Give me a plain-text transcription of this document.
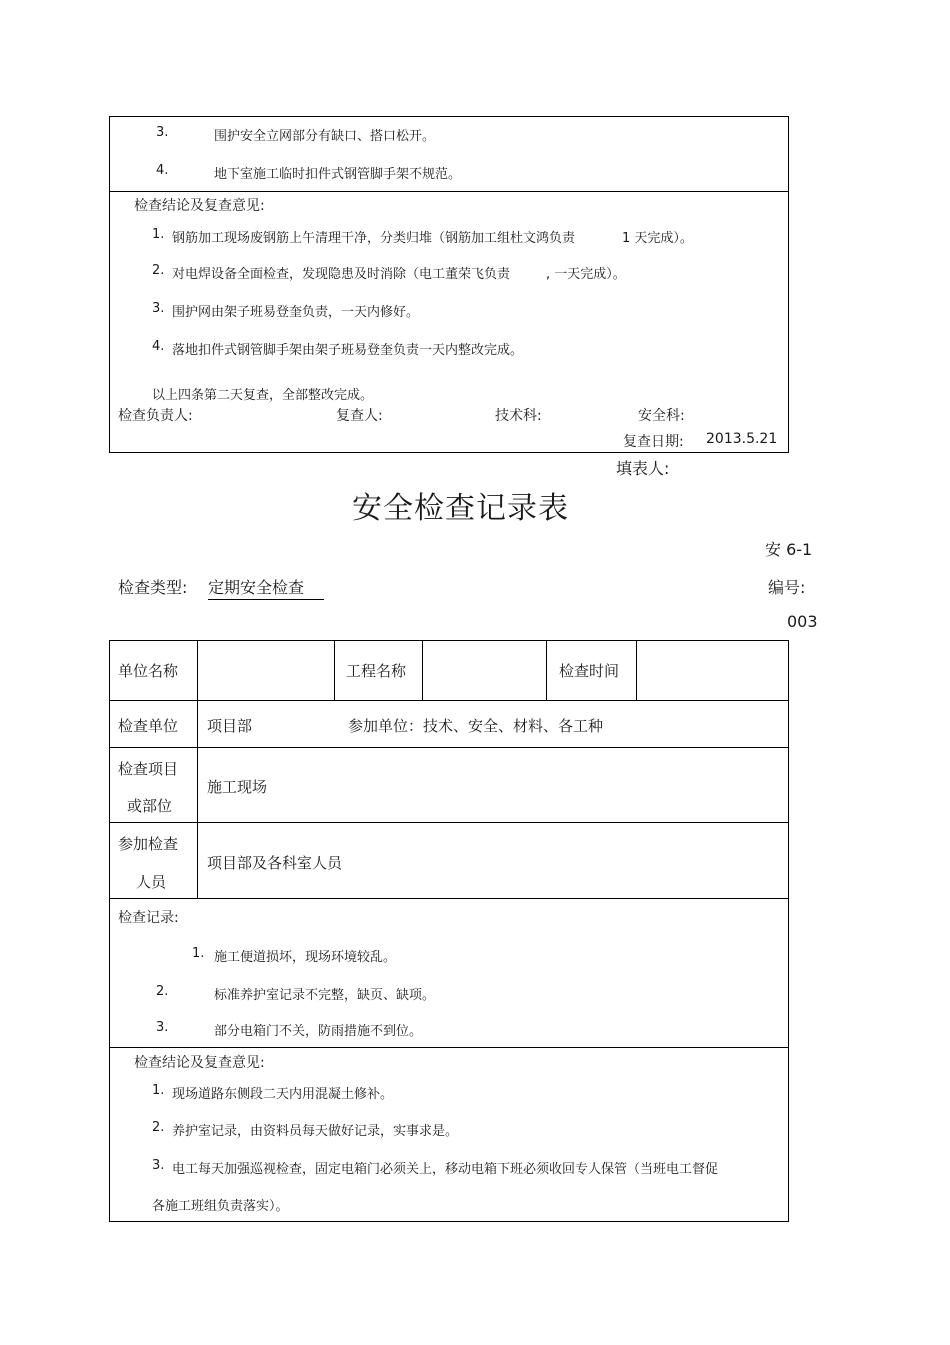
3.	围护安全立网部分有缺口、搭口松开。
4.	地下室施工临时扣件式钢管脚手架不规范。
检查结论及复查意见:
1. 钢筋加工现场废钢筋上午清理干净，分类归堆（钢筋加工组杜文鸿负责	1 天完成）。
2. 对电焊设备全面检查，发现隐患及时消除（电工董荣飞负责	, 一天完成）。
3. 围护网由架子班易登奎负责，一天内修好。
4. 落地扣件式钢管脚手架由架子班易登奎负责一天内整改完成。
以上四条第二天复查，全部整改完成。
检查负责人:	复查人:	技术科:	安全科:
复查日期: 2013.5.21
填表人:
安全检查记录表
安 6-1
检查类型: 定期安全检查	编号:
003
单位名称	工程名称	检查时间
检查单位 项目部	参加单位：技术、安全、材料、各工种
检查项目
或部位
施工现场
参加检查
人员
项目部及各科室人员
检查记录:
1. 施工便道损坏，现场环境较乱。
2.	标准养护室记录不完整，缺页、缺项。
3.	部分电箱门不关，防雨措施不到位。
检查结论及复查意见:
1. 现场道路东侧段二天内用混凝土修补。
2. 养护室记录，由资料员每天做好记录，实事求是。
3. 电工每天加强巡视检查，固定电箱门必须关上，移动电箱下班必须收回专人保管（当班电工督促
各施工班组负责落实）。
